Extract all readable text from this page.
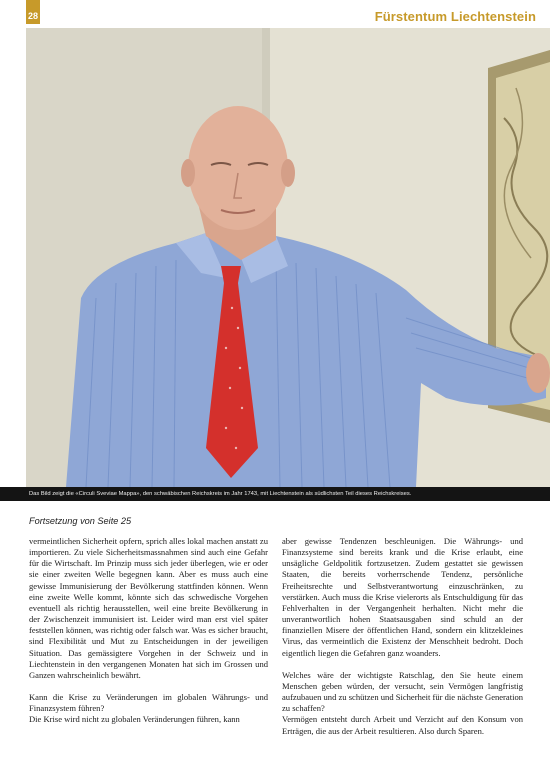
28	Fürstentum Liechtenstein
Das Bild zeigt die «Circuli Sveviae Mappa», den schwäbischen Reichskreis im Jahr 1743, mit Liechtenstein als südlichsten Teil dieses Reichskreises.
Fortsetzung von Seite 25

vermeintlichen Sicherheit opfern, sprich alles lokal machen anstatt zu importieren. Zu viele Sicherheitsmassnahmen sind auch eine Gefahr für die Wirtschaft. Im Prinzip muss sich jeder überlegen, wie er oder sie einer zweiten Welle begegnen kann. Aber es muss auch eine gewisse Immunisierung der Bevölkerung stattfinden können. Wenn eine zweite Welle kommt, könnte sich das schwedische Vorgehen eventuell als richtig herausstellen, weil eine breite Bevölkerung in der Zwischenzeit immunisiert ist. Leider wird man erst viel später feststellen können, was richtig oder falsch war. Was es sicher braucht, sind Flexibilität und Mut zu Entscheidungen in der jeweiligen Situation. Das gemässigtere Vorgehen in der Schweiz und in Liechtenstein in den vergangenen Monaten hat sich im Grossen und Ganzen wahrscheinlich bewährt.

Kann die Krise zu Veränderungen im globalen Währungs- und Finanzsystem führen?

Die Krise wird nicht zu globalen Veränderungen führen, kann

aber gewisse Tendenzen beschleunigen. Die Währungs- und Finanzsysteme sind bereits krank und die Krise erlaubt, eine unsägliche Geldpolitik fortzusetzen. Zudem gestattet sie gewissen Staaten, die bereits vorherrschende Tendenz, persönliche Freiheitsrechte und Selbstverantwortung einzuschränken, zu verstärken. Auch muss die Krise vielerorts als Entschuldigung für das Fehlverhalten in der Vergangenheit herhalten. Nicht mehr die unverantwortlich hohen Staatsausgaben sind schuld an der finanziellen Misere der öffentlichen Hand, sondern ein klitzekleines Virus, das vermeintlich die Existenz der Menschheit bedroht. Doch eigentlich liegen die Gefahren ganz woanders.

Welches wäre der wichtigste Ratschlag, den Sie heute einem Menschen geben würden, der versucht, sein Vermögen langfristig aufzubauen und zu schützen und Sicherheit für die nächste Generation zu schaffen?

Vermögen entsteht durch Arbeit und Verzicht auf den Konsum von Erträgen, die aus der Arbeit resultieren. Also durch Sparen.
